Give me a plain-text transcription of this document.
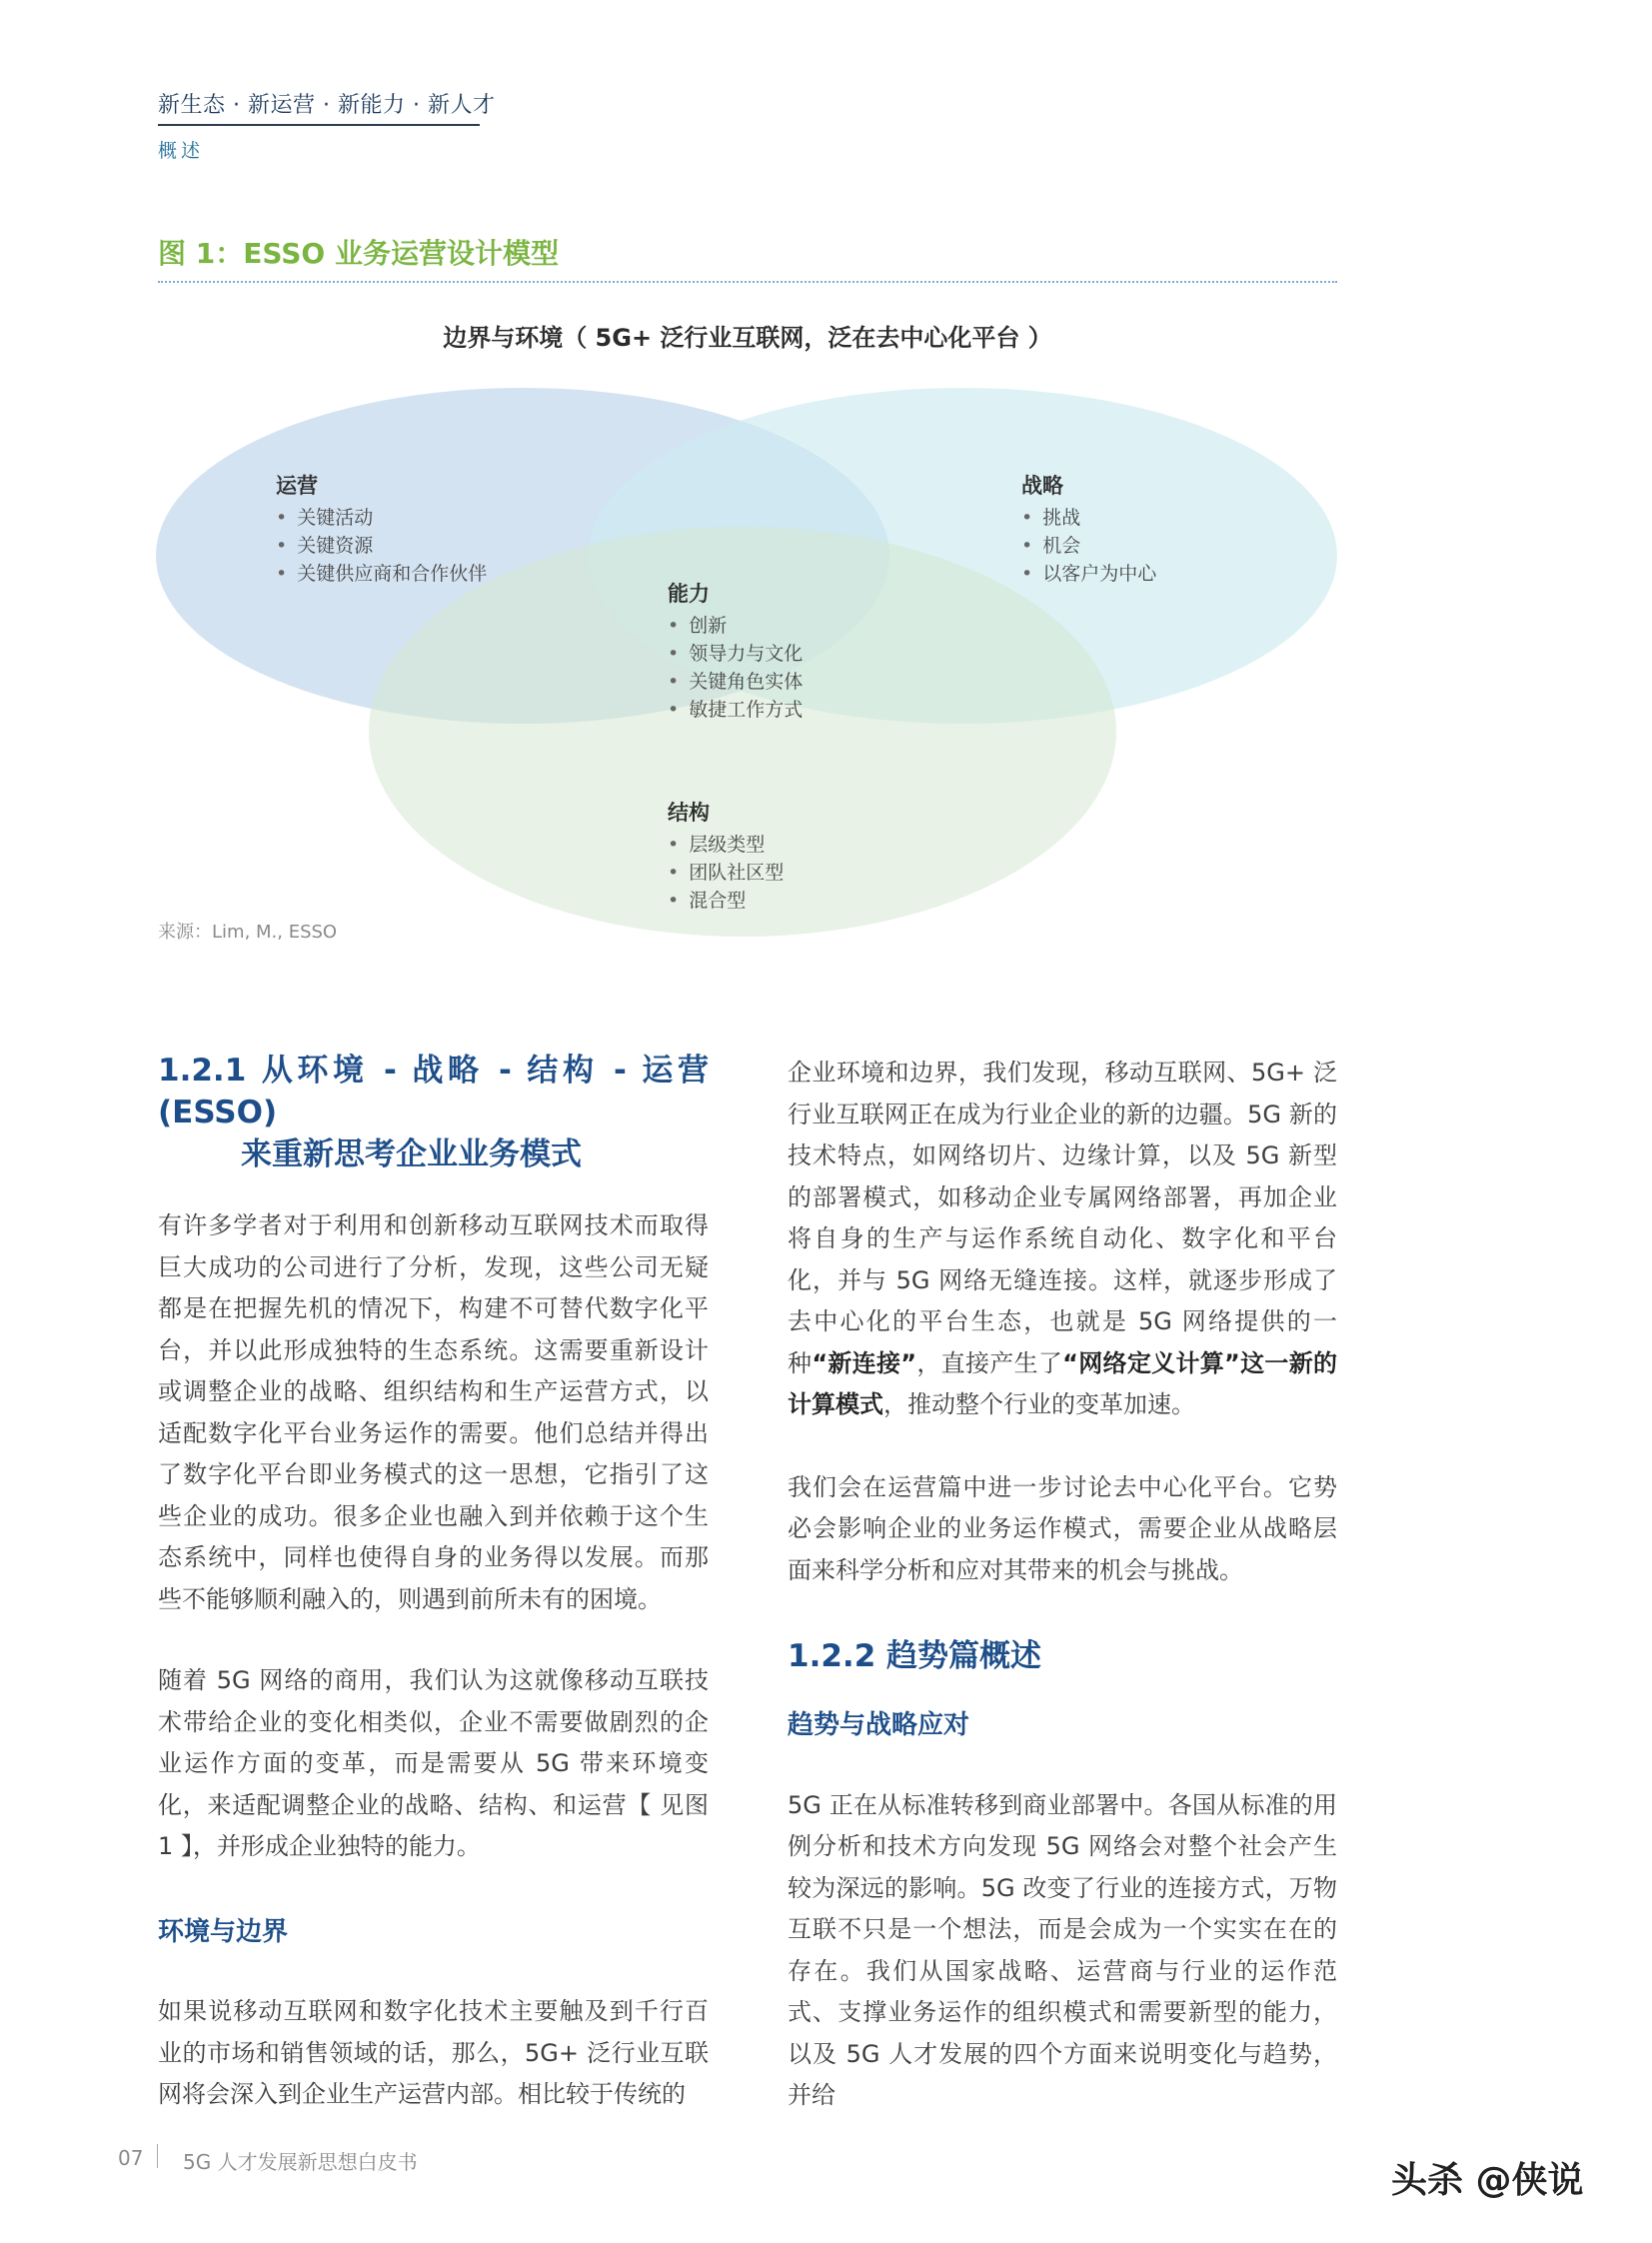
新生态 · 新运营 · 新能力 · 新人才
概述
图 1：ESSO 业务运营设计模型
边界与环境（ 5G+ 泛行业互联网，泛在去中心化平台 ）
运营
• 关键活动
• 关键资源
• 关键供应商和合作伙伴
战略
• 挑战
• 机会
• 以客户为中心
能力
• 创新
• 领导力与文化
• 关键角色实体
• 敏捷工作方式
结构
• 层级类型
• 团队社区型
• 混合型
来源：Lim, M., ESSO
1.2.1 从环境 - 战略 - 结构 - 运营 (ESSO)
来重新思考企业业务模式

有许多学者对于利用和创新移动互联网技术而取得巨大成功的公司进行了分析，发现，这些公司无疑都是在把握先机的情况下，构建不可替代数字化平台，并以此形成独特的生态系统。这需要重新设计或调整企业的战略、组织结构和生产运营方式，以适配数字化平台业务运作的需要。他们总结并得出了数字化平台即业务模式的这一思想，它指引了这些企业的成功。很多企业也融入到并依赖于这个生态系统中，同样也使得自身的业务得以发展。而那些不能够顺利融入的，则遇到前所未有的困境。

随着 5G 网络的商用，我们认为这就像移动互联技术带给企业的变化相类似，企业不需要做剧烈的企业运作方面的变革，而是需要从 5G 带来环境变化，来适配调整企业的战略、结构、和运营【 见图 1 】，并形成企业独特的能力。

环境与边界

如果说移动互联网和数字化技术主要触及到千行百业的市场和销售领域的话，那么，5G+ 泛行业互联网将会深入到企业生产运营内部。相比较于传统的

企业环境和边界，我们发现，移动互联网、5G+ 泛行业互联网正在成为行业企业的新的边疆。5G 新的技术特点，如网络切片、边缘计算，以及 5G 新型的部署模式，如移动企业专属网络部署，再加企业将自身的生产与运作系统自动化、数字化和平台化，并与 5G 网络无缝连接。这样，就逐步形成了去中心化的平台生态，也就是 5G 网络提供的一种“新连接”，直接产生了“网络定义计算”这一新的计算模式，推动整个行业的变革加速。

我们会在运营篇中进一步讨论去中心化平台。它势必会影响企业的业务运作模式，需要企业从战略层面来科学分析和应对其带来的机会与挑战。

1.2.2 趋势篇概述
趋势与战略应对

5G 正在从标准转移到商业部署中。各国从标准的用例分析和技术方向发现 5G 网络会对整个社会产生较为深远的影响。5G 改变了行业的连接方式，万物互联不只是一个想法，而是会成为一个实实在在的存在。我们从国家战略、运营商与行业的运作范式、支撑业务运作的组织模式和需要新型的能力，以及 5G 人才发展的四个方面来说明变化与趋势，并给

07 5G 人才发展新思想白皮书	头杀 @侠说
